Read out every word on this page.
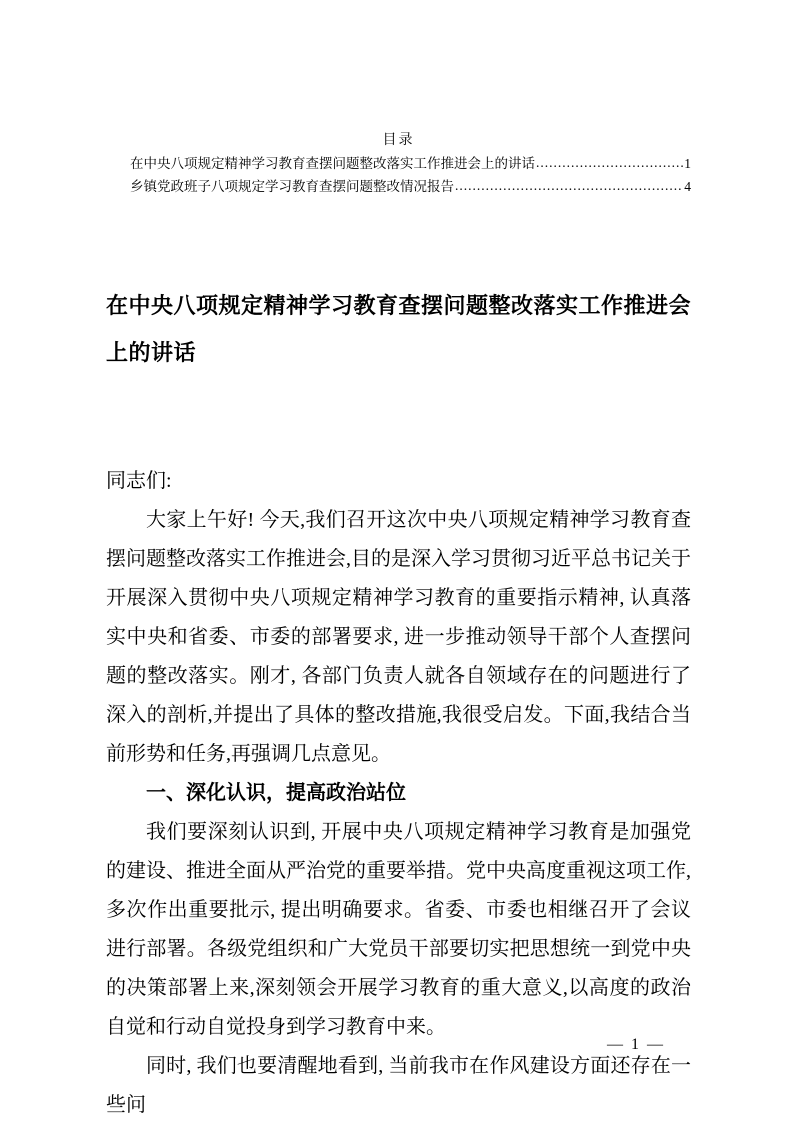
目录
在中央八项规定精神学习教育查摆问题整改落实工作推进会上的讲话 .....	1
乡镇党政班子八项规定学习教育查摆问题整改情况报告 .....	4
在中央八项规定精神学习教育查摆问题整改落实工作推进会上的讲话

同志们:

大家上午好! 今天,我们召开这次中央八项规定精神学习教育查摆问题整改落实工作推进会,目的是深入学习贯彻习近平总书记关于开展深入贯彻中央八项规定精神学习教育的重要指示精神, 认真落实中央和省委、市委的部署要求, 进一步推动领导干部个人查摆问题的整改落实。刚才, 各部门负责人就各自领域存在的问题进行了深入的剖析,并提出了具体的整改措施,我很受启发。下面,我结合当前形势和任务,再强调几点意见。

一、深化认识，提高政治站位

我们要深刻认识到, 开展中央八项规定精神学习教育是加强党的建设、推进全面从严治党的重要举措。党中央高度重视这项工作, 多次作出重要批示, 提出明确要求。省委、市委也相继召开了会议进行部署。各级党组织和广大党员干部要切实把思想统一到党中央的决策部署上来,深刻领会开展学习教育的重大意义,以高度的政治自觉和行动自觉投身到学习教育中来。

同时, 我们也要清醒地看到, 当前我市在作风建设方面还存在一些问

— 1 —
